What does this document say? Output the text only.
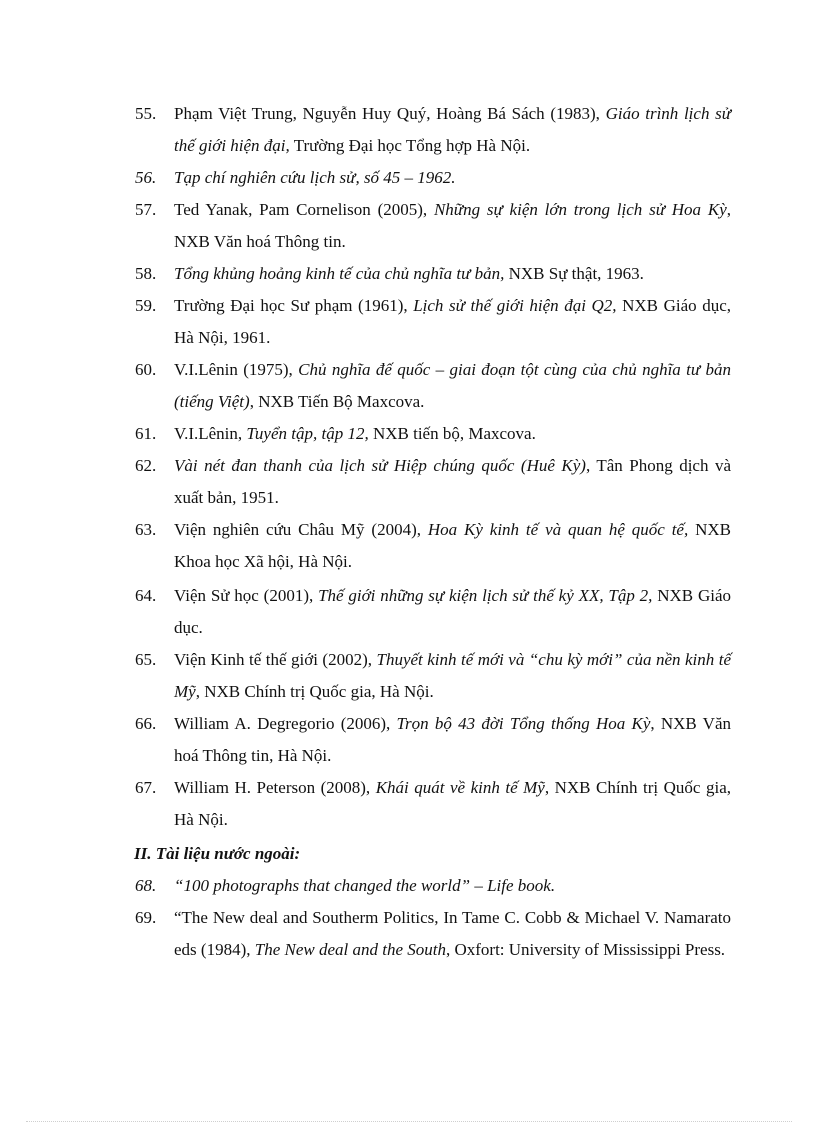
55.	Phạm Việt Trung, Nguyễn Huy Quý, Hoàng Bá Sách (1983), Giáo trình lịch sử thế giới hiện đại, Trường Đại học Tổng hợp Hà Nội.
56.	Tạp chí nghiên cứu lịch sử, số 45 – 1962.
57.	Ted Yanak, Pam Cornelison (2005), Những sự kiện lớn trong lịch sử Hoa Kỳ, NXB Văn hoá Thông tin.
58.	Tổng khủng hoảng kinh tế của chủ nghĩa tư bản, NXB Sự thật, 1963.
59.	Trường Đại học Sư phạm (1961), Lịch sử thế giới hiện đại Q2, NXB Giáo dục, Hà Nội, 1961.
60.	V.I.Lênin (1975), Chủ nghĩa đế quốc – giai đoạn tột cùng của chủ nghĩa tư bản (tiếng Việt), NXB Tiến Bộ Maxcova.
61.	V.I.Lênin, Tuyển tập, tập 12, NXB tiến bộ, Maxcova.
62.	Vài nét đan thanh của lịch sử Hiệp chúng quốc (Huê Kỳ), Tân Phong dịch và xuất bản, 1951.
63.	Viện nghiên cứu Châu Mỹ (2004), Hoa Kỳ kinh tế và quan hệ quốc tế, NXB Khoa học Xã hội, Hà Nội.
64.	Viện Sử học (2001), Thế giới những sự kiện lịch sử thế kỷ XX, Tập 2, NXB Giáo dục.
65.	Viện Kinh tế thế giới (2002), Thuyết kinh tế mới và “chu kỳ mới” của nền kinh tế Mỹ, NXB Chính trị Quốc gia, Hà Nội.
66.	William A. Degregorio (2006), Trọn bộ 43 đời Tổng thống Hoa Kỳ, NXB Văn hoá Thông tin, Hà Nội.
67.	William H. Peterson (2008), Khái quát về kinh tế Mỹ, NXB Chính trị Quốc gia, Hà Nội.
II. Tài liệu nước ngoài:
68.	“100 photographs that changed the world” – Life book.
69.	“The New deal and Southerm Politics, In Tame C. Cobb & Michael V. Namarato eds (1984), The New deal and the South, Oxfort: University of Mississippi Press.
